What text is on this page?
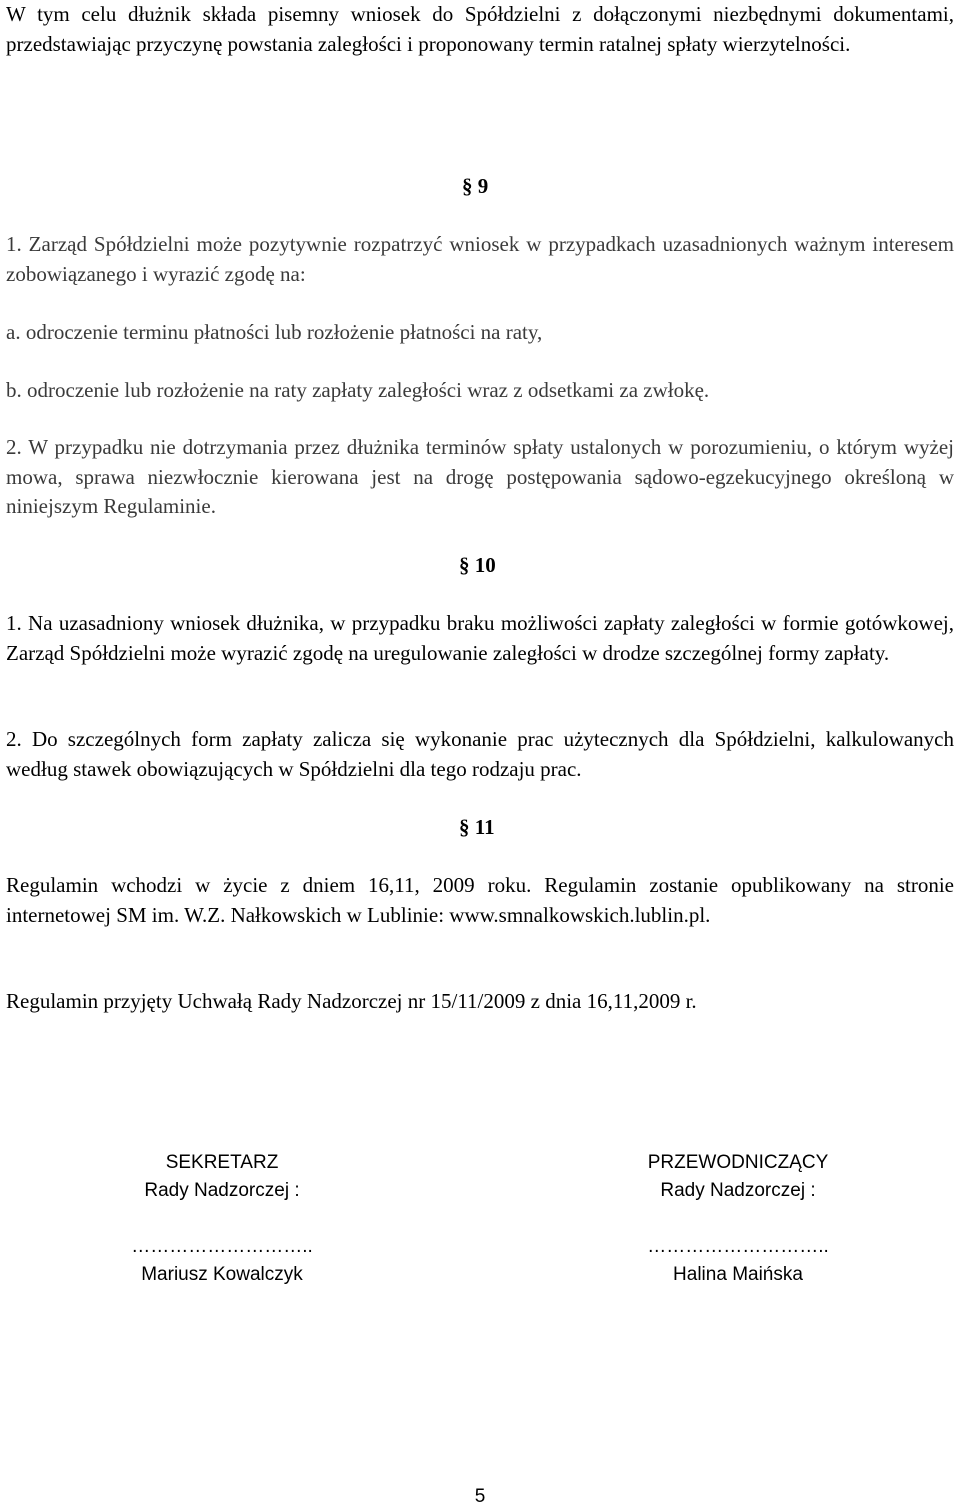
W tym celu dłużnik składa pisemny wniosek do Spółdzielni z dołączonymi niezbędnymi dokumentami, przedstawiając przyczynę powstania zaległości i proponowany termin ratalnej spłaty wierzytelności.

§ 9

1. Zarząd Spółdzielni może pozytywnie rozpatrzyć wniosek w przypadkach uzasadnionych ważnym interesem zobowiązanego i wyrazić zgodę na:

a. odroczenie terminu płatności lub rozłożenie płatności na raty,

b. odroczenie lub rozłożenie na raty zapłaty zaległości wraz z odsetkami za zwłokę.

2. W przypadku nie dotrzymania przez dłużnika terminów spłaty ustalonych w porozumieniu, o którym wyżej mowa, sprawa niezwłocznie kierowana jest na drogę postępowania sądowo-egzekucyjnego określoną w niniejszym Regulaminie.

§ 10

1. Na uzasadniony wniosek dłużnika, w przypadku braku możliwości zapłaty zaległości w formie gotówkowej, Zarząd Spółdzielni może wyrazić zgodę na uregulowanie zaległości w drodze szczególnej formy zapłaty.

2. Do szczególnych form zapłaty zalicza się wykonanie prac użytecznych dla Spółdzielni, kalkulowanych według stawek obowiązujących w Spółdzielni dla tego rodzaju prac.

§ 11

Regulamin wchodzi w życie z dniem 16,11, 2009 roku. Regulamin zostanie opublikowany na stronie internetowej SM im. W.Z. Nałkowskich w Lublinie: www.smnalkowskich.lublin.pl.

Regulamin przyjęty Uchwałą Rady Nadzorczej nr 15/11/2009 z dnia 16,11,2009 r.

SEKRETARZ
Rady Nadzorczej :
………………………..
Mariusz Kowalczyk
PRZEWODNICZĄCY
Rady Nadzorczej :
………………………..
Halina Maińska
5
